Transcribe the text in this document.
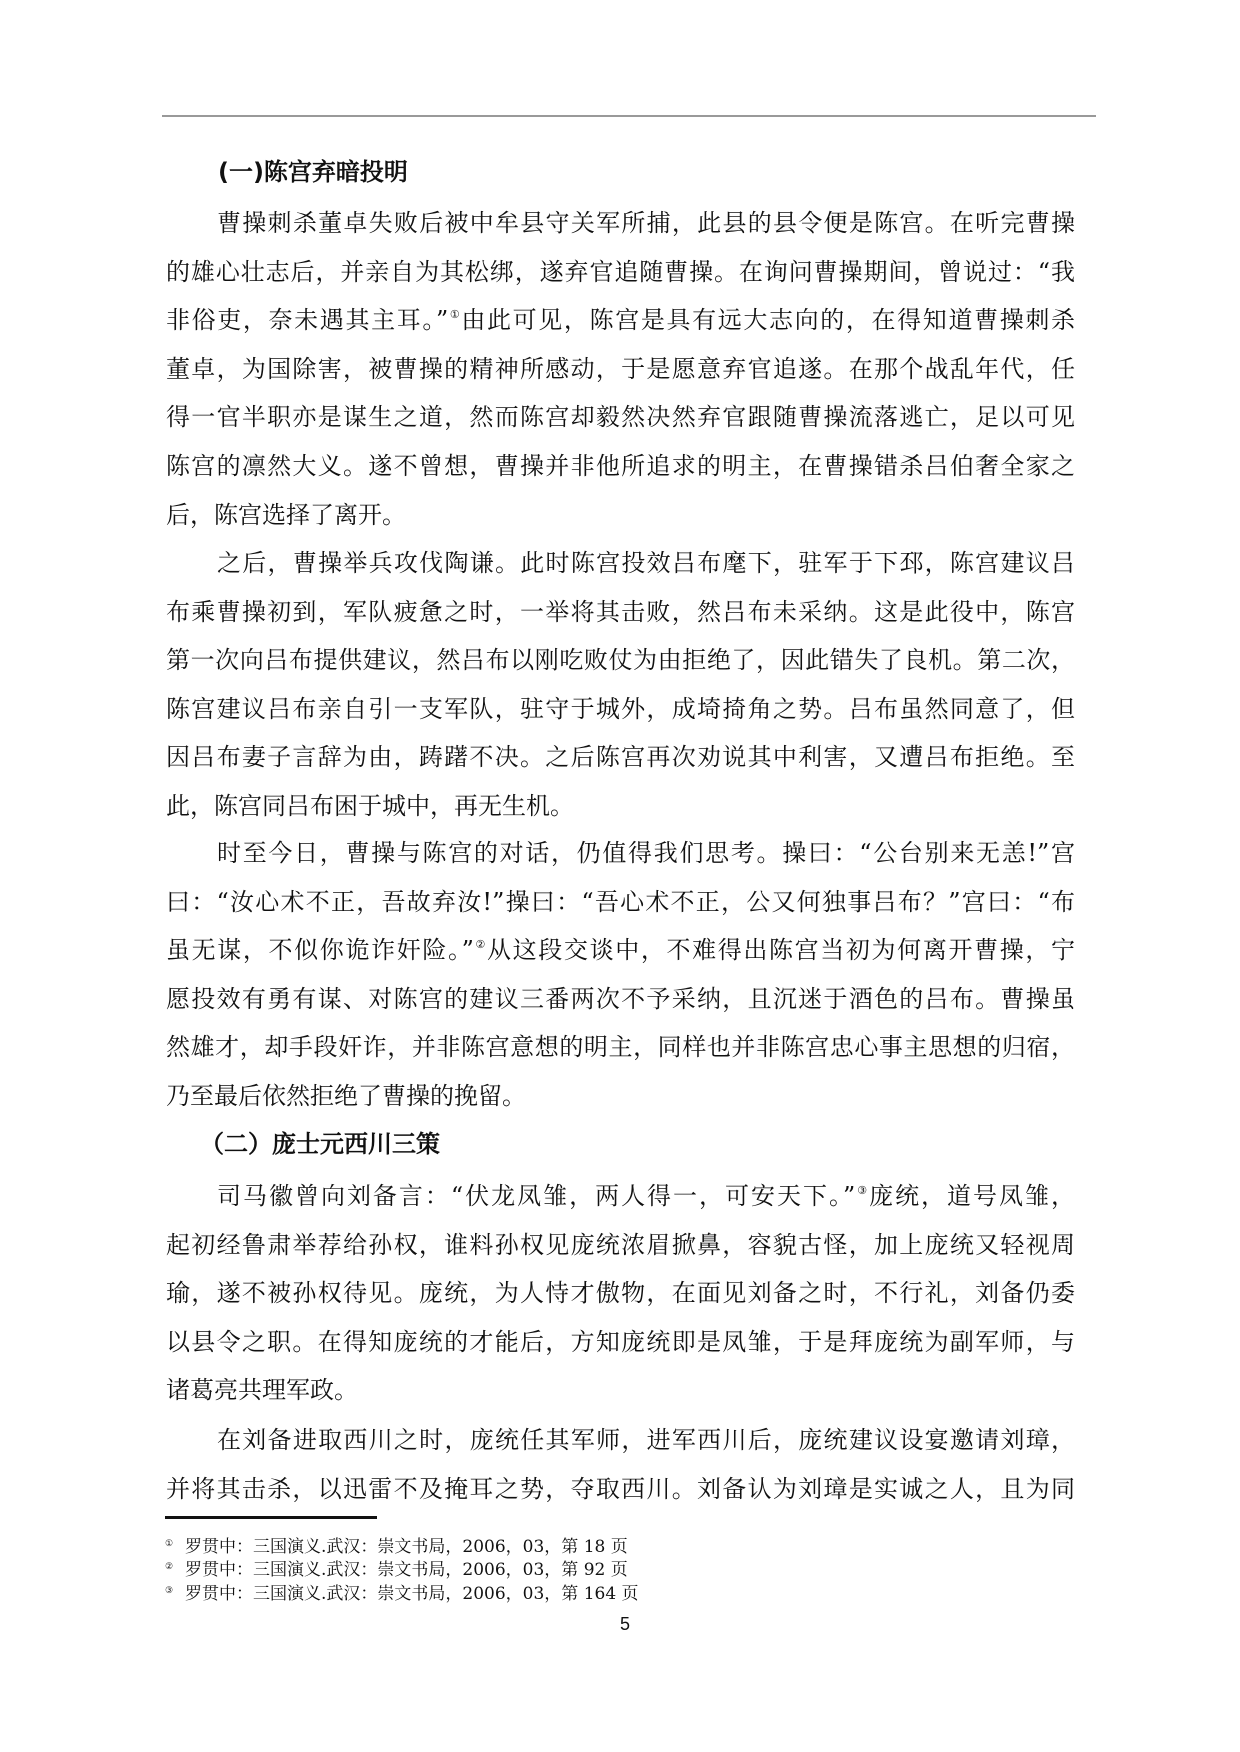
(一)陈宫弃暗投明
曹操刺杀董卓失败后被中牟县守关军所捕，此县的县令便是陈宫。在听完曹操
的雄心壮志后，并亲自为其松绑，遂弃官追随曹操。在询问曹操期间，曾说过：“我
非俗吏，奈未遇其主耳。”①由此可见，陈宫是具有远大志向的，在得知道曹操刺杀
董卓，为国除害，被曹操的精神所感动，于是愿意弃官追遂。在那个战乱年代，任
得一官半职亦是谋生之道，然而陈宫却毅然决然弃官跟随曹操流落逃亡，足以可见
陈宫的凛然大义。遂不曾想，曹操并非他所追求的明主，在曹操错杀吕伯奢全家之
后，陈宫选择了离开。
之后，曹操举兵攻伐陶谦。此时陈宫投效吕布麾下，驻军于下邳，陈宫建议吕
布乘曹操初到，军队疲惫之时，一举将其击败，然吕布未采纳。这是此役中，陈宫
第一次向吕布提供建议，然吕布以刚吃败仗为由拒绝了，因此错失了良机。第二次，
陈宫建议吕布亲自引一支军队，驻守于城外，成埼掎角之势。吕布虽然同意了，但
因吕布妻子言辞为由，踌躇不决。之后陈宫再次劝说其中利害，又遭吕布拒绝。至
此，陈宫同吕布困于城中，再无生机。
时至今日，曹操与陈宫的对话，仍值得我们思考。操曰：“公台别来无恙!”宫
曰：“汝心术不正，吾故弃汝!”操曰：“吾心术不正，公又何独事吕布？”宫曰：“布
虽无谋，不似你诡诈奸险。”②从这段交谈中，不难得出陈宫当初为何离开曹操，宁
愿投效有勇有谋、对陈宫的建议三番两次不予采纳，且沉迷于酒色的吕布。曹操虽
然雄才，却手段奸诈，并非陈宫意想的明主，同样也并非陈宫忠心事主思想的归宿，
乃至最后依然拒绝了曹操的挽留。
（二）庞士元西川三策
司马徽曾向刘备言：“伏龙凤雏，两人得一，可安天下。”③庞统，道号凤雏，
起初经鲁肃举荐给孙权，谁料孙权见庞统浓眉掀鼻，容貌古怪，加上庞统又轻视周
瑜，遂不被孙权待见。庞统，为人恃才傲物，在面见刘备之时，不行礼，刘备仍委
以县令之职。在得知庞统的才能后，方知庞统即是凤雏，于是拜庞统为副军师，与
诸葛亮共理军政。
在刘备进取西川之时，庞统任其军师，进军西川后，庞统建议设宴邀请刘璋，
并将其击杀，以迅雷不及掩耳之势，夺取西川。刘备认为刘璋是实诚之人，且为同
① 罗贯中：三国演义.武汉：崇文书局，2006，03，第 18 页
② 罗贯中：三国演义.武汉：崇文书局，2006，03，第 92 页
③ 罗贯中：三国演义.武汉：崇文书局，2006，03，第 164 页
5
